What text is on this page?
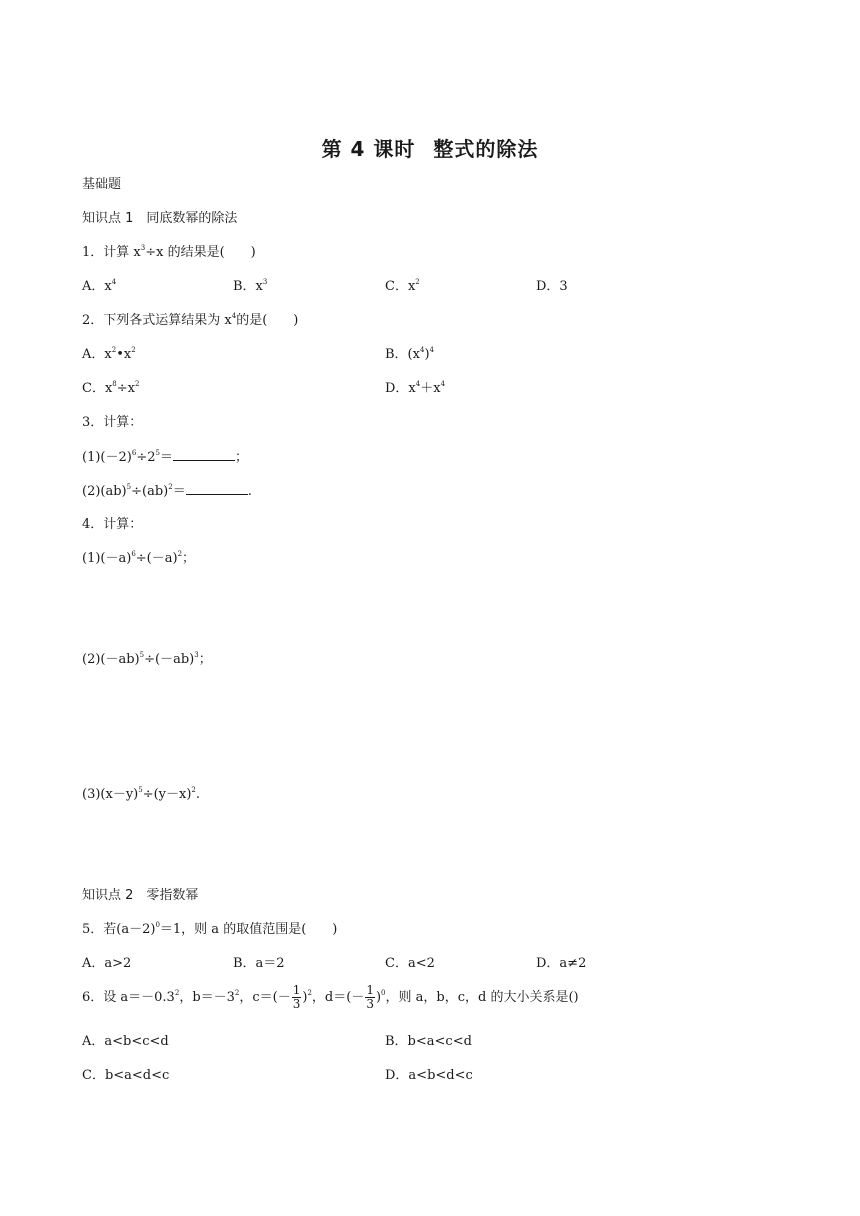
第 4 课时 整式的除法
基础题
知识点 1　同底数幂的除法
1．计算 $x^3\div x$ 的结果是(　　)
A．$x^4$	B．$x^3$	C．$x^2$	D．3
2．下列各式运算结果为 $x^4$的是(　　)
A．$x^2•x^2$	B．$(x^4)^4$
C．$x^8\div x^2$	D．$x^4+x^4$
3．计算：
$(1)(-2)^6\div 2^5=$	；
(2)(ab)$^5$÷(ab)$^2$＝	.
4．计算：
$(1)(-a)^6\div(-a)^2$；
$(2)(-ab)^5\div(-ab)^3$；
$(3)(x-y)^5\div(y-x)^2$.
知识点 2　零指数幂
5．若$(a-2)^0=1$，则 a 的取值范围是(　　)
A．a>2	B．a＝2	C．a<2	D．a≠2
6．设 $a=-0.3^2$，$b=-3^2$，$c=(- \frac{1}{3} )^2$，$d=(- \frac{1}{3} )^0$，则 a，b，c，d 的大小关系是()
A．a<b<c<d	B．b<a<c<d
C．b<a<d<c	D．a<b<d<c
